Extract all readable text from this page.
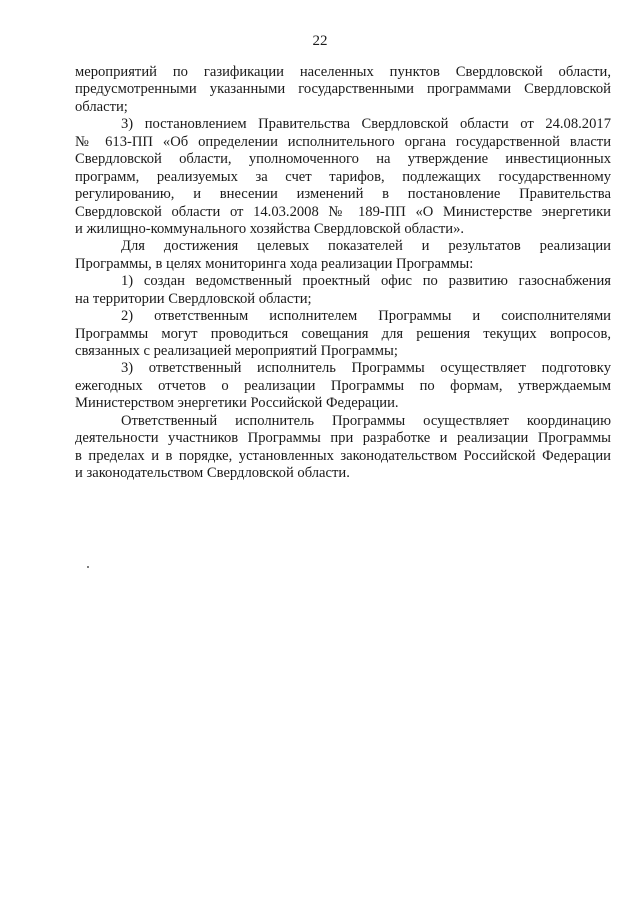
22
мероприятий по газификации населенных пунктов Свердловской области,
предусмотренными указанными государственными программами Свердловской
области;
3) постановлением Правительства Свердловской области от 24.08.2017
№ 613-ПП «Об определении исполнительного органа государственной власти
Свердловской области, уполномоченного на утверждение инвестиционных
программ, реализуемых за счет тарифов, подлежащих государственному
регулированию, и внесении изменений в постановление Правительства
Свердловской области от 14.03.2008 № 189-ПП «О Министерстве энергетики
и жилищно-коммунального хозяйства Свердловской области».
Для достижения целевых показателей и результатов реализации
Программы, в целях мониторинга хода реализации Программы:
1) создан ведомственный проектный офис по развитию газоснабжения
на территории Свердловской области;
2) ответственным исполнителем Программы и соисполнителями
Программы могут проводиться совещания для решения текущих вопросов,
связанных с реализацией мероприятий Программы;
3) ответственный исполнитель Программы осуществляет подготовку
ежегодных отчетов о реализации Программы по формам, утверждаемым
Министерством энергетики Российской Федерации.
Ответственный исполнитель Программы осуществляет координацию
деятельности участников Программы при разработке и реализации Программы
в пределах и в порядке, установленных законодательством Российской Федерации
и законодательством Свердловской области.
